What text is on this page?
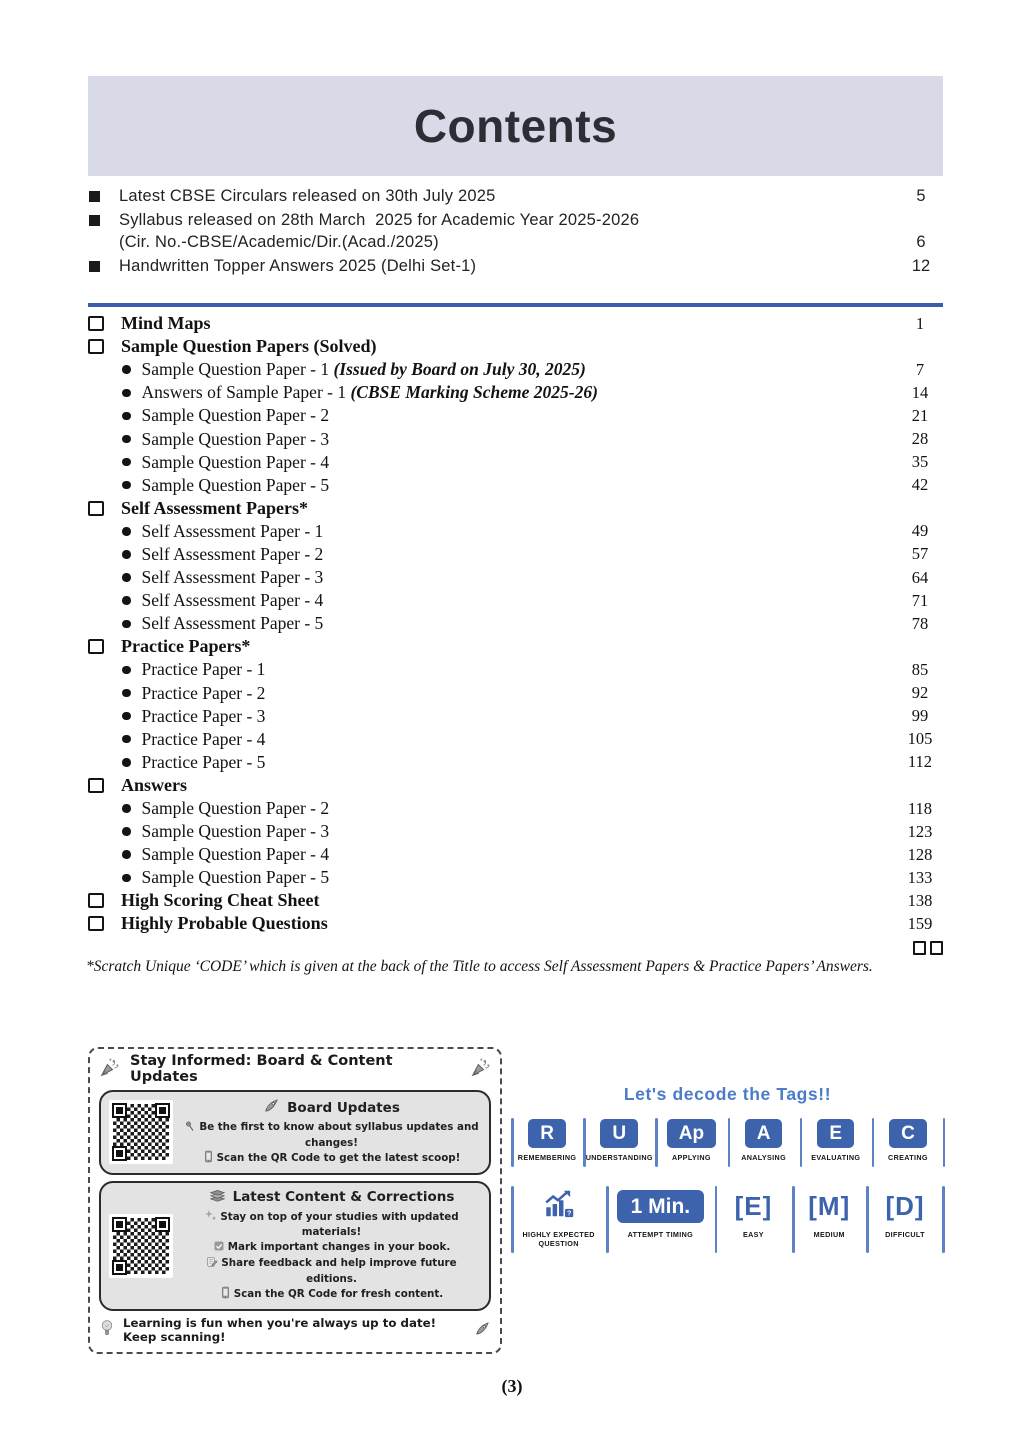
Contents
Latest CBSE Circulars released on 30th July 2025	5
Syllabus released on 28th March  2025 for Academic Year 2025-2026
(Cir. No.-CBSE/Academic/Dir.(Acad./2025)	6
Handwritten Topper Answers 2025 (Delhi Set-1)	12
Mind Maps	1
Sample Question Papers (Solved)
Sample Question Paper - 1 (Issued by Board on July 30, 2025)	7
Answers of Sample Paper - 1 (CBSE Marking Scheme 2025-26)	14
Sample Question Paper - 2	21
Sample Question Paper - 3	28
Sample Question Paper - 4	35
Sample Question Paper - 5	42
Self Assessment Papers*
Self Assessment Paper - 1	49
Self Assessment Paper - 2	57
Self Assessment Paper - 3	64
Self Assessment Paper - 4	71
Self Assessment Paper - 5	78
Practice Papers*
Practice Paper - 1	85
Practice Paper - 2	92
Practice Paper - 3	99
Practice Paper - 4	105
Practice Paper - 5	112
Answers
Sample Question Paper - 2	118
Sample Question Paper - 3	123
Sample Question Paper - 4	128
Sample Question Paper - 5	133
High Scoring Cheat Sheet	138
Highly Probable Questions	159
*Scratch Unique ‘CODE’ which is given at the back of the Title to access Self Assessment Papers & Practice Papers’ Answers.
Stay Informed: Board & Content Updates
Board Updates
Be the first to know about syllabus updates and changes!
Scan the QR Code to get the latest scoop!
Latest Content & Corrections
Stay on top of your studies with updated materials!
Mark important changes in your book.
Share feedback and help improve future editions.
Scan the QR Code for fresh content.
Learning is fun when you're always up to date! Keep scanning!
Let's decode the Tags!!
R
REMEMBERING
U
UNDERSTANDING
Ap
APPLYING
A
ANALYSING
E
EVALUATING
C
CREATING
?
HIGHLY EXPECTED QUESTION
1 Min.
ATTEMPT TIMING
[E]
EASY
[M]
MEDIUM
[D]
DIFFICULT
(3)
